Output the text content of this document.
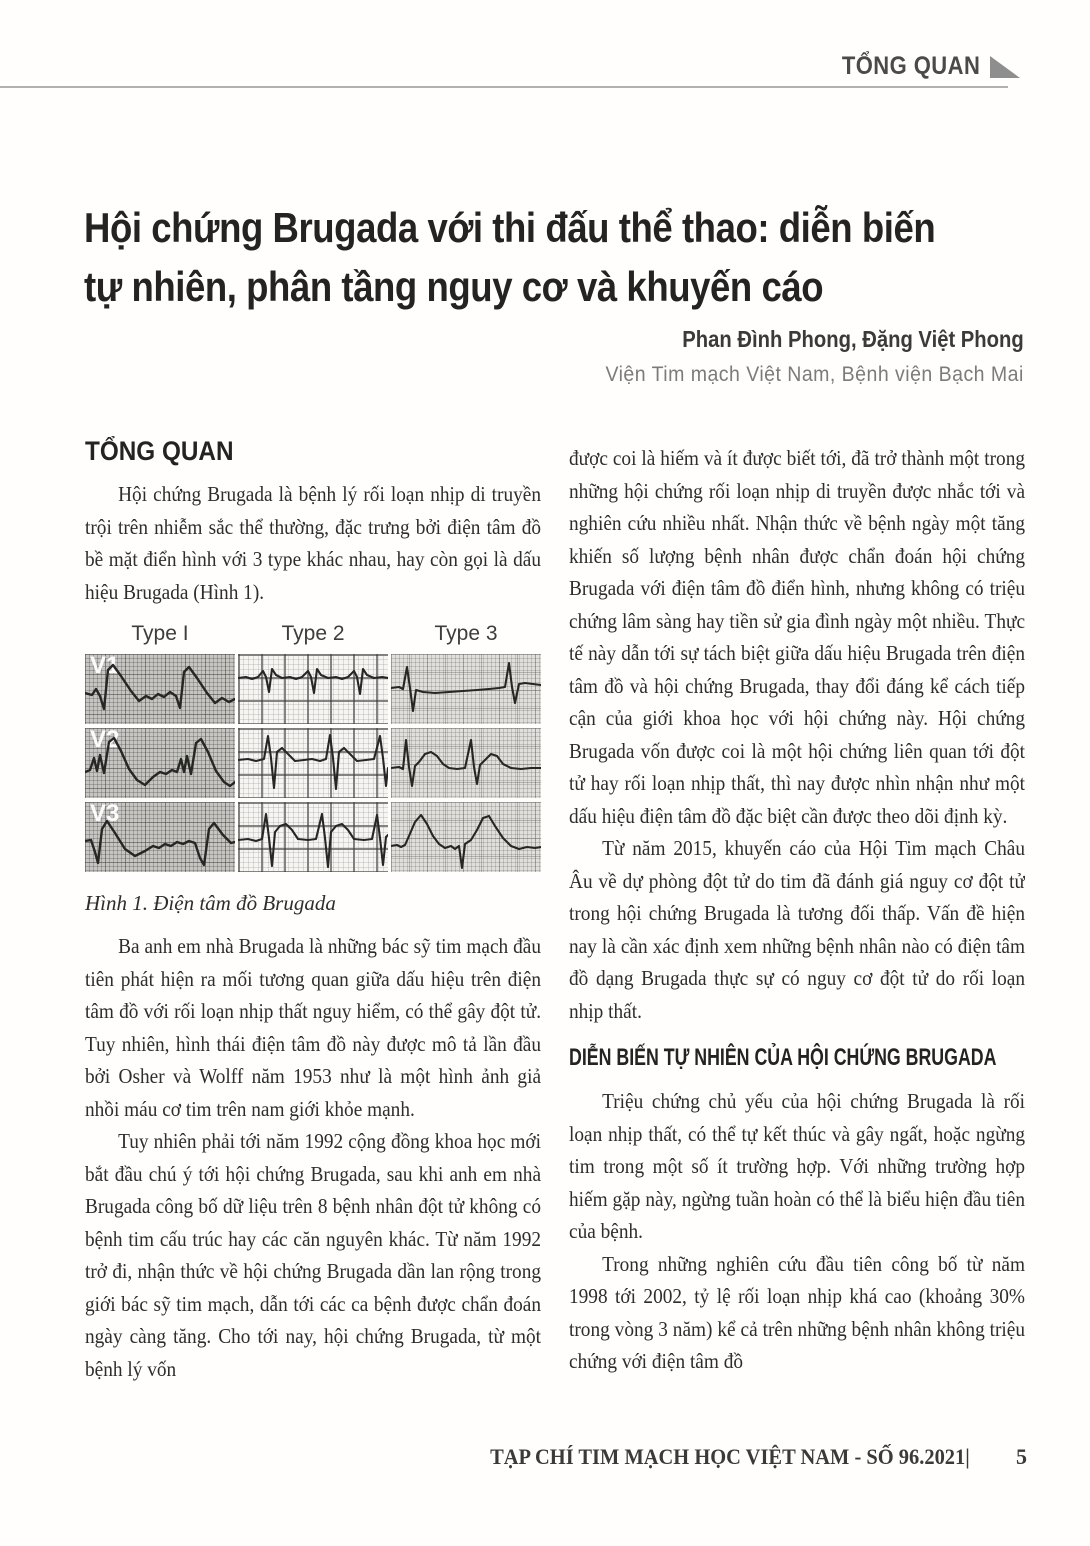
TỔNG QUAN
Hội chứng Brugada với thi đấu thể thao: diễn biến
tự nhiên, phân tầng nguy cơ và khuyến cáo
Phan Đình Phong, Đặng Việt Phong
Viện Tim mạch Việt Nam, Bệnh viện Bạch Mai
TỔNG QUAN

Hội chứng Brugada là bệnh lý rối loạn nhịp di truyền trội trên nhiễm sắc thể thường, đặc trưng bởi điện tâm đồ bề mặt điển hình với 3 type khác nhau, hay còn gọi là dấu hiệu Brugada (Hình 1).

Type I	Type 2	Type 3
V1
V2
V3
Hình 1. Điện tâm đồ Brugada

Ba anh em nhà Brugada là những bác sỹ tim mạch đầu tiên phát hiện ra mối tương quan giữa dấu hiệu trên điện tâm đồ với rối loạn nhịp thất nguy hiểm, có thể gây đột tử. Tuy nhiên, hình thái điện tâm đồ này được mô tả lần đầu bởi Osher và Wolff năm 1953 như là một hình ảnh giả nhồi máu cơ tim trên nam giới khỏe mạnh.

Tuy nhiên phải tới năm 1992 cộng đồng khoa học mới bắt đầu chú ý tới hội chứng Brugada, sau khi anh em nhà Brugada công bố dữ liệu trên 8 bệnh nhân đột tử không có bệnh tim cấu trúc hay các căn nguyên khác. Từ năm 1992 trở đi, nhận thức về hội chứng Brugada dần lan rộng trong giới bác sỹ tim mạch, dẫn tới các ca bệnh được chẩn đoán ngày càng tăng. Cho tới nay, hội chứng Brugada, từ một bệnh lý vốn

được coi là hiếm và ít được biết tới, đã trở thành một trong những hội chứng rối loạn nhịp di truyền được nhắc tới và nghiên cứu nhiều nhất. Nhận thức về bệnh ngày một tăng khiến số lượng bệnh nhân được chẩn đoán hội chứng Brugada với điện tâm đồ điển hình, nhưng không có triệu chứng lâm sàng hay tiền sử gia đình ngày một nhiều. Thực tế này dẫn tới sự tách biệt giữa dấu hiệu Brugada trên điện tâm đồ và hội chứng Brugada, thay đổi đáng kể cách tiếp cận của giới khoa học với hội chứng này. Hội chứng Brugada vốn được coi là một hội chứng liên quan tới đột tử hay rối loạn nhịp thất, thì nay được nhìn nhận như một dấu hiệu điện tâm đồ đặc biệt cần được theo dõi định kỳ.

Từ năm 2015, khuyến cáo của Hội Tim mạch Châu Âu về dự phòng đột tử do tim đã đánh giá nguy cơ đột tử trong hội chứng Brugada là tương đối thấp. Vấn đề hiện nay là cần xác định xem những bệnh nhân nào có điện tâm đồ dạng Brugada thực sự có nguy cơ đột tử do rối loạn nhịp thất.

DIỄN BIẾN TỰ NHIÊN CỦA HỘI CHỨNG BRUGADA

Triệu chứng chủ yếu của hội chứng Brugada là rối loạn nhịp thất, có thể tự kết thúc và gây ngất, hoặc ngừng tim trong một số ít trường hợp. Với những trường hợp hiếm gặp này, ngừng tuần hoàn có thể là biểu hiện đầu tiên của bệnh.

Trong những nghiên cứu đầu tiên công bố từ năm 1998 tới 2002, tỷ lệ rối loạn nhịp khá cao (khoảng 30% trong vòng 3 năm) kể cả trên những bệnh nhân không triệu chứng với điện tâm đồ

TẠP CHÍ TIM MẠCH HỌC VIỆT NAM - SỐ 96.2021| 5
